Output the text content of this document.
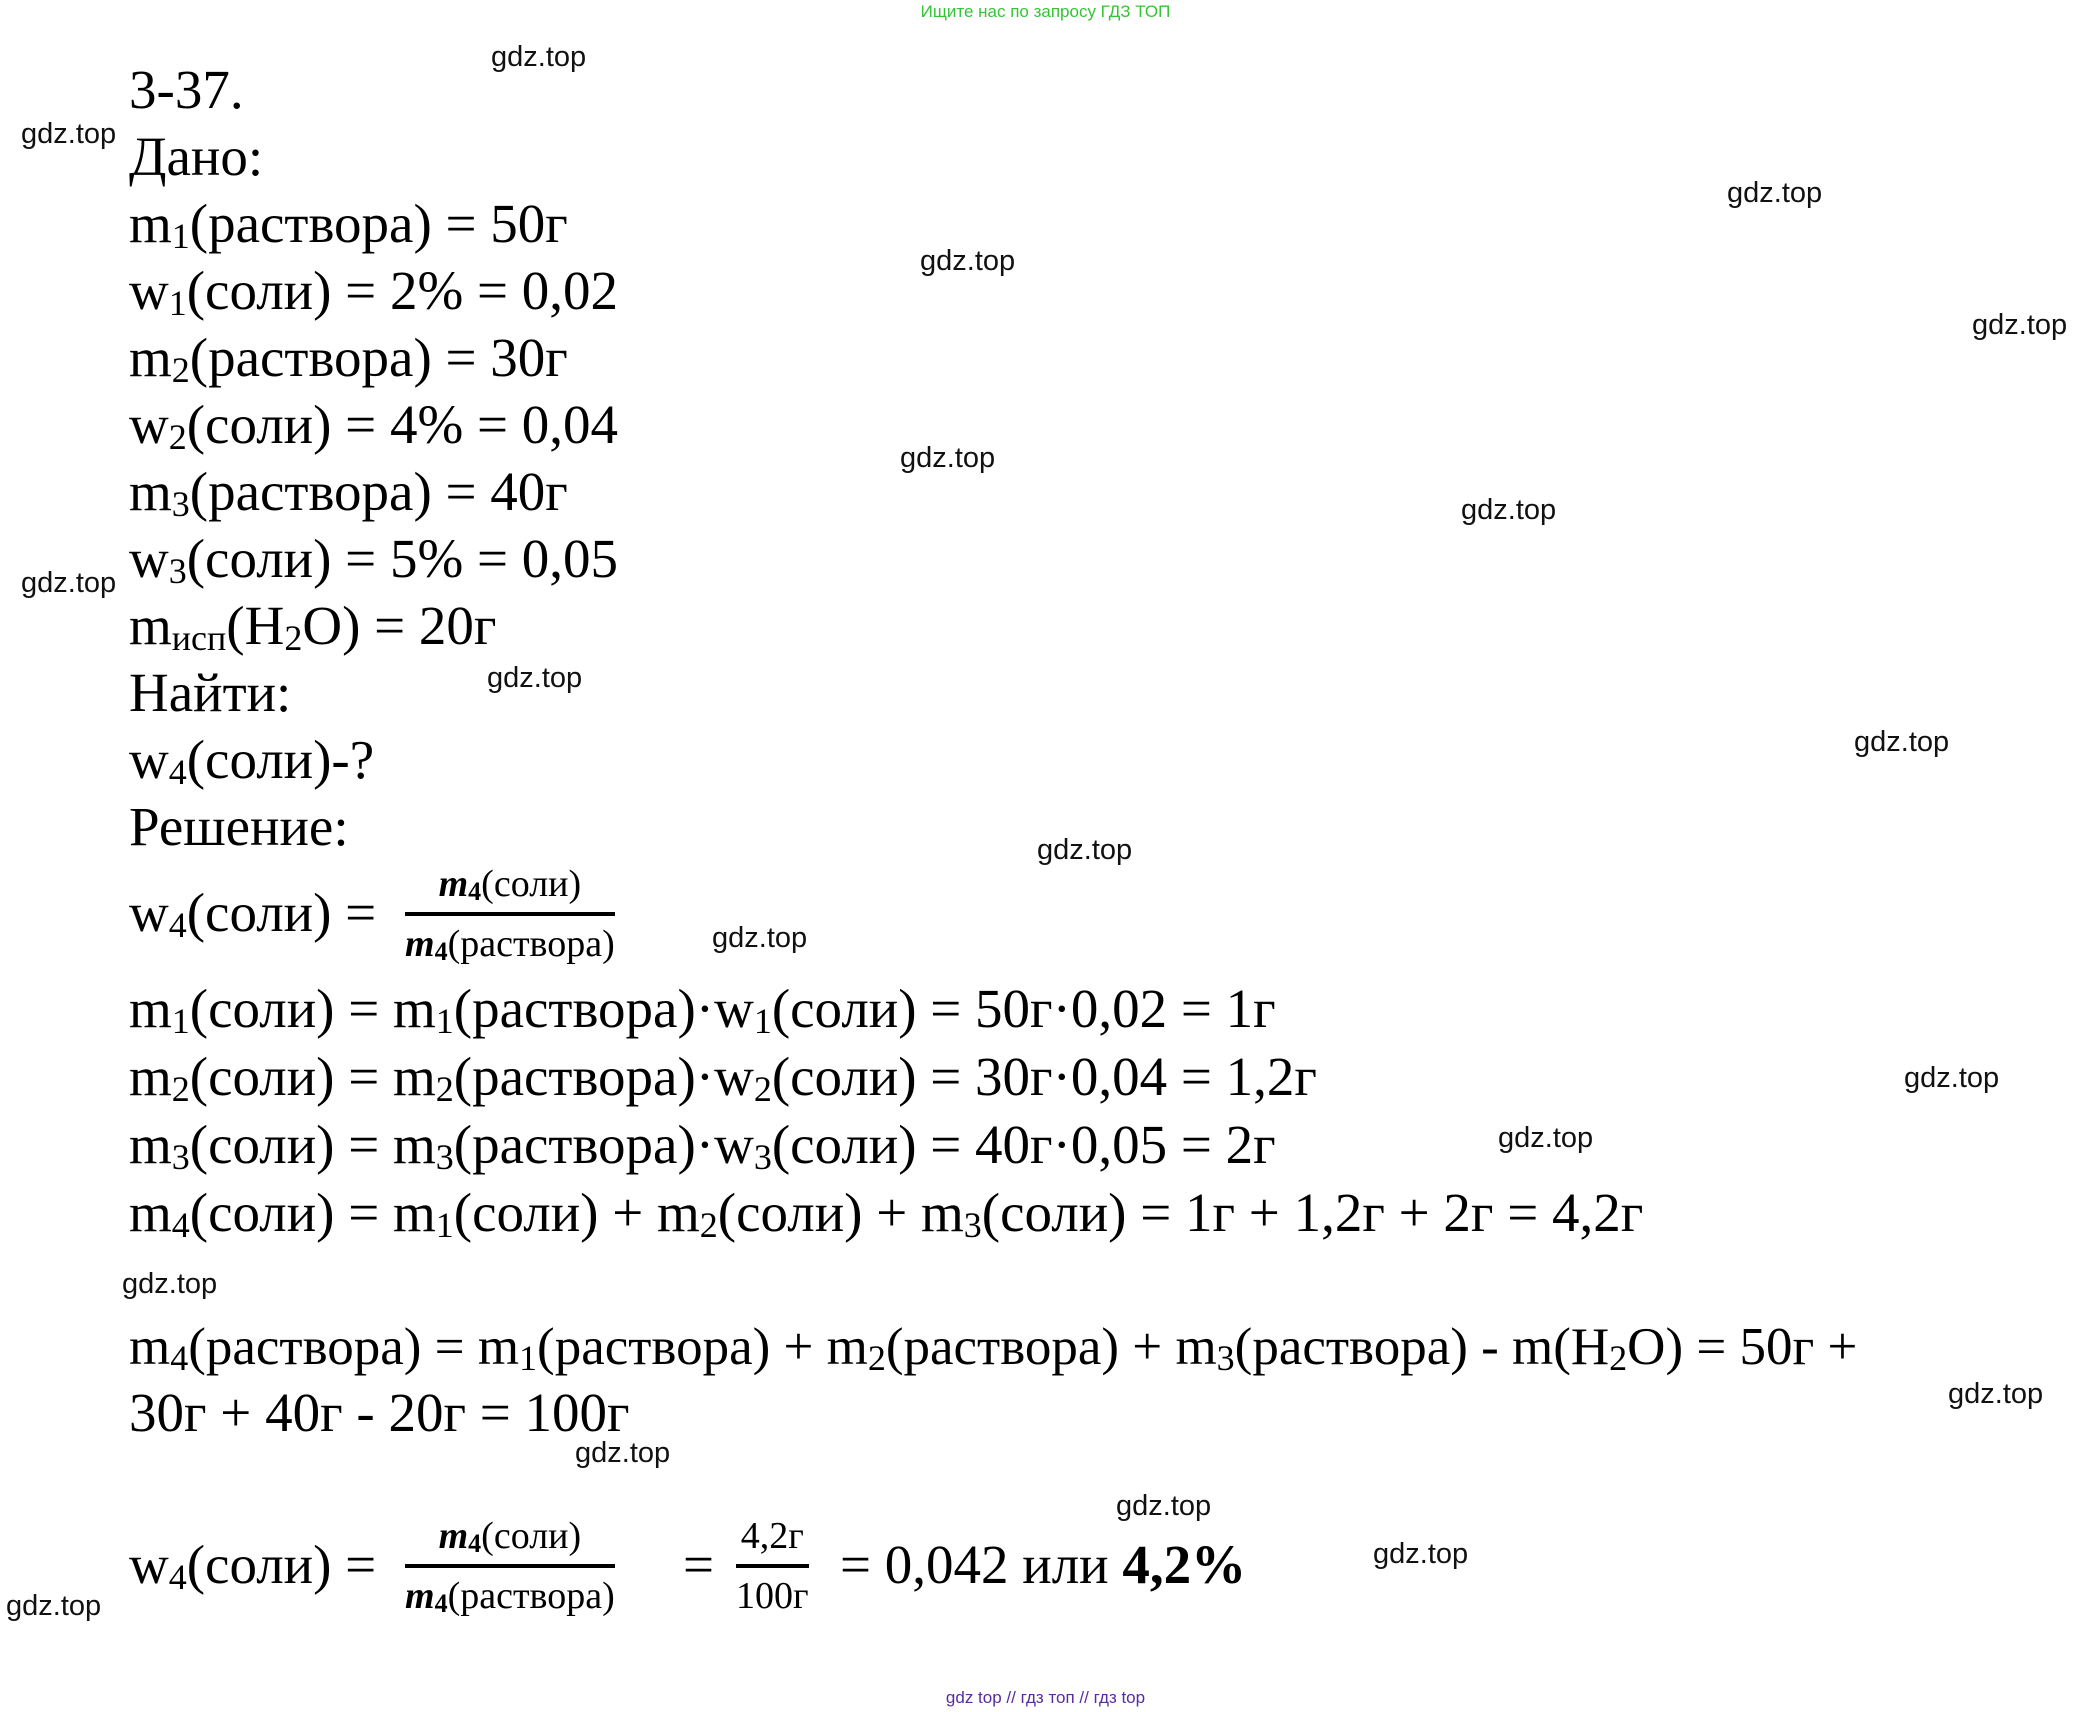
Ищите нас по запросу ГДЗ ТОП
3-37.
Дано:
$m_1(раствора) = 50г$
$w_1(соли) = 2\% = 0,02$
$m_2(раствора) = 30г$
$w_2(соли) = 4\% = 0,04$
$m_3(раствора) = 40г$
$w_3(соли) = 5\% = 0,05$
$m_{исп}(H_2O) = 20г$
Найти:
$w_4(соли)-$?
Решение:
$w_4(соли)$ =	$m_4(соли)$
$m_4(раствора)$
$m_1(соли)$ = $m_1(раствора)\cdot w_1(соли) = 50г\cdot 0,02 = 1г$
$m_2(соли)$ = $m_2(раствора)\cdot w_2(соли) = 30г\cdot 0,04 = 1,2г$
$m_3(соли)$ = $m_3(раствора)\cdot w_3(соли) = 40г\cdot 0,05 = 2г$
$m_4(соли)$ = $m_1(соли)$ + $m_2(соли)$ + $m_3(соли) = 1г + 1,2г + 2г = 4,2г$
$m_4(раствора)$ = $m_1(раствора)$ + $m_2(раствора)$ + $m_3(раствора) - m(H_2O) = 50г$ +
30г + 40г - 20г = 100г
$w_4(соли)$ =	$m_4(соли)$
$m_4(раствора)$
= 4,2г
100г
= 0,042 или 4,2%
gdz.top
gdz.top
gdz.top
gdz.top
gdz.top
gdz.top
gdz.top
gdz.top
gdz.top
gdz.top
gdz.top
gdz.top
gdz.top
gdz.top
gdz.top
gdz.top
gdz.top
gdz.top
gdz.top
gdz.top
gdz top // гдз топ // гдз top
